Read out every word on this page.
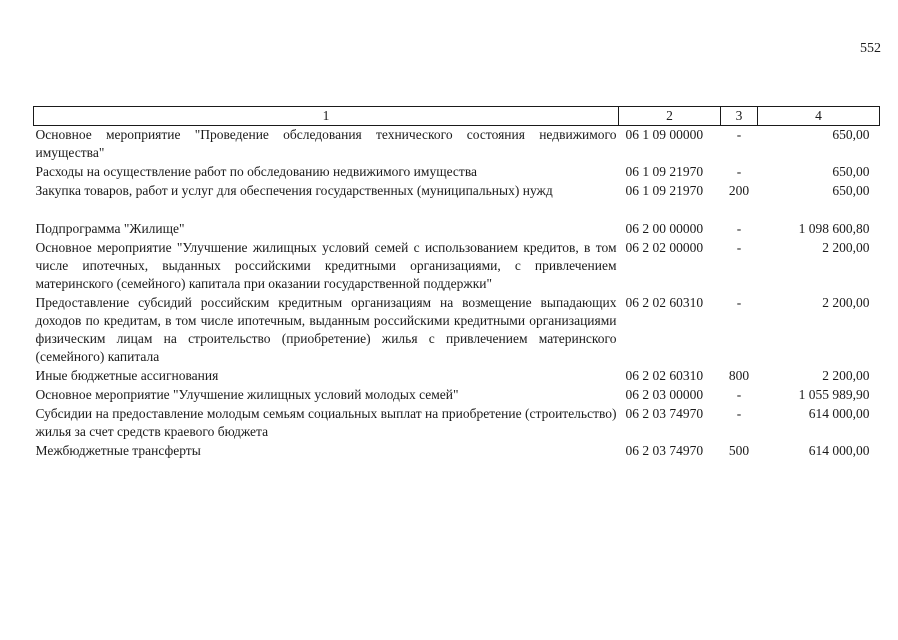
552
1	2	3	4
Основное мероприятие "Проведение обследования технического состояния недвижимого имущества"	06 1 09 00000	-	650,00
Расходы на осуществление работ по обследованию недвижимого имущества	06 1 09 21970	-	650,00
Закупка товаров, работ и услуг для обеспечения государственных (муниципальных) нужд	06 1 09 21970	200	650,00

Подпрограмма "Жилище"	06 2 00 00000	-	1 098 600,80
Основное мероприятие "Улучшение жилищных условий семей с использованием кредитов, в том числе ипотечных, выданных российскими кредитными организациями, с привлечением материнского (семейного) капитала при оказании государственной поддержки"	06 2 02 00000	-	2 200,00
Предоставление субсидий российским кредитным организациям на возмещение выпадающих доходов по кредитам, в том числе ипотечным, выданным российскими кредитными организациями физическим лицам на строительство (приобретение) жилья с привлечением материнского (семейного) капитала	06 2 02 60310	-	2 200,00
Иные бюджетные ассигнования	06 2 02 60310	800	2 200,00
Основное мероприятие "Улучшение жилищных условий молодых семей"	06 2 03 00000	-	1 055 989,90
Субсидии на предоставление молодым семьям социальных выплат на приобретение (строительство) жилья за счет средств краевого бюджета	06 2 03 74970	-	614 000,00
Межбюджетные трансферты	06 2 03 74970	500	614 000,00
